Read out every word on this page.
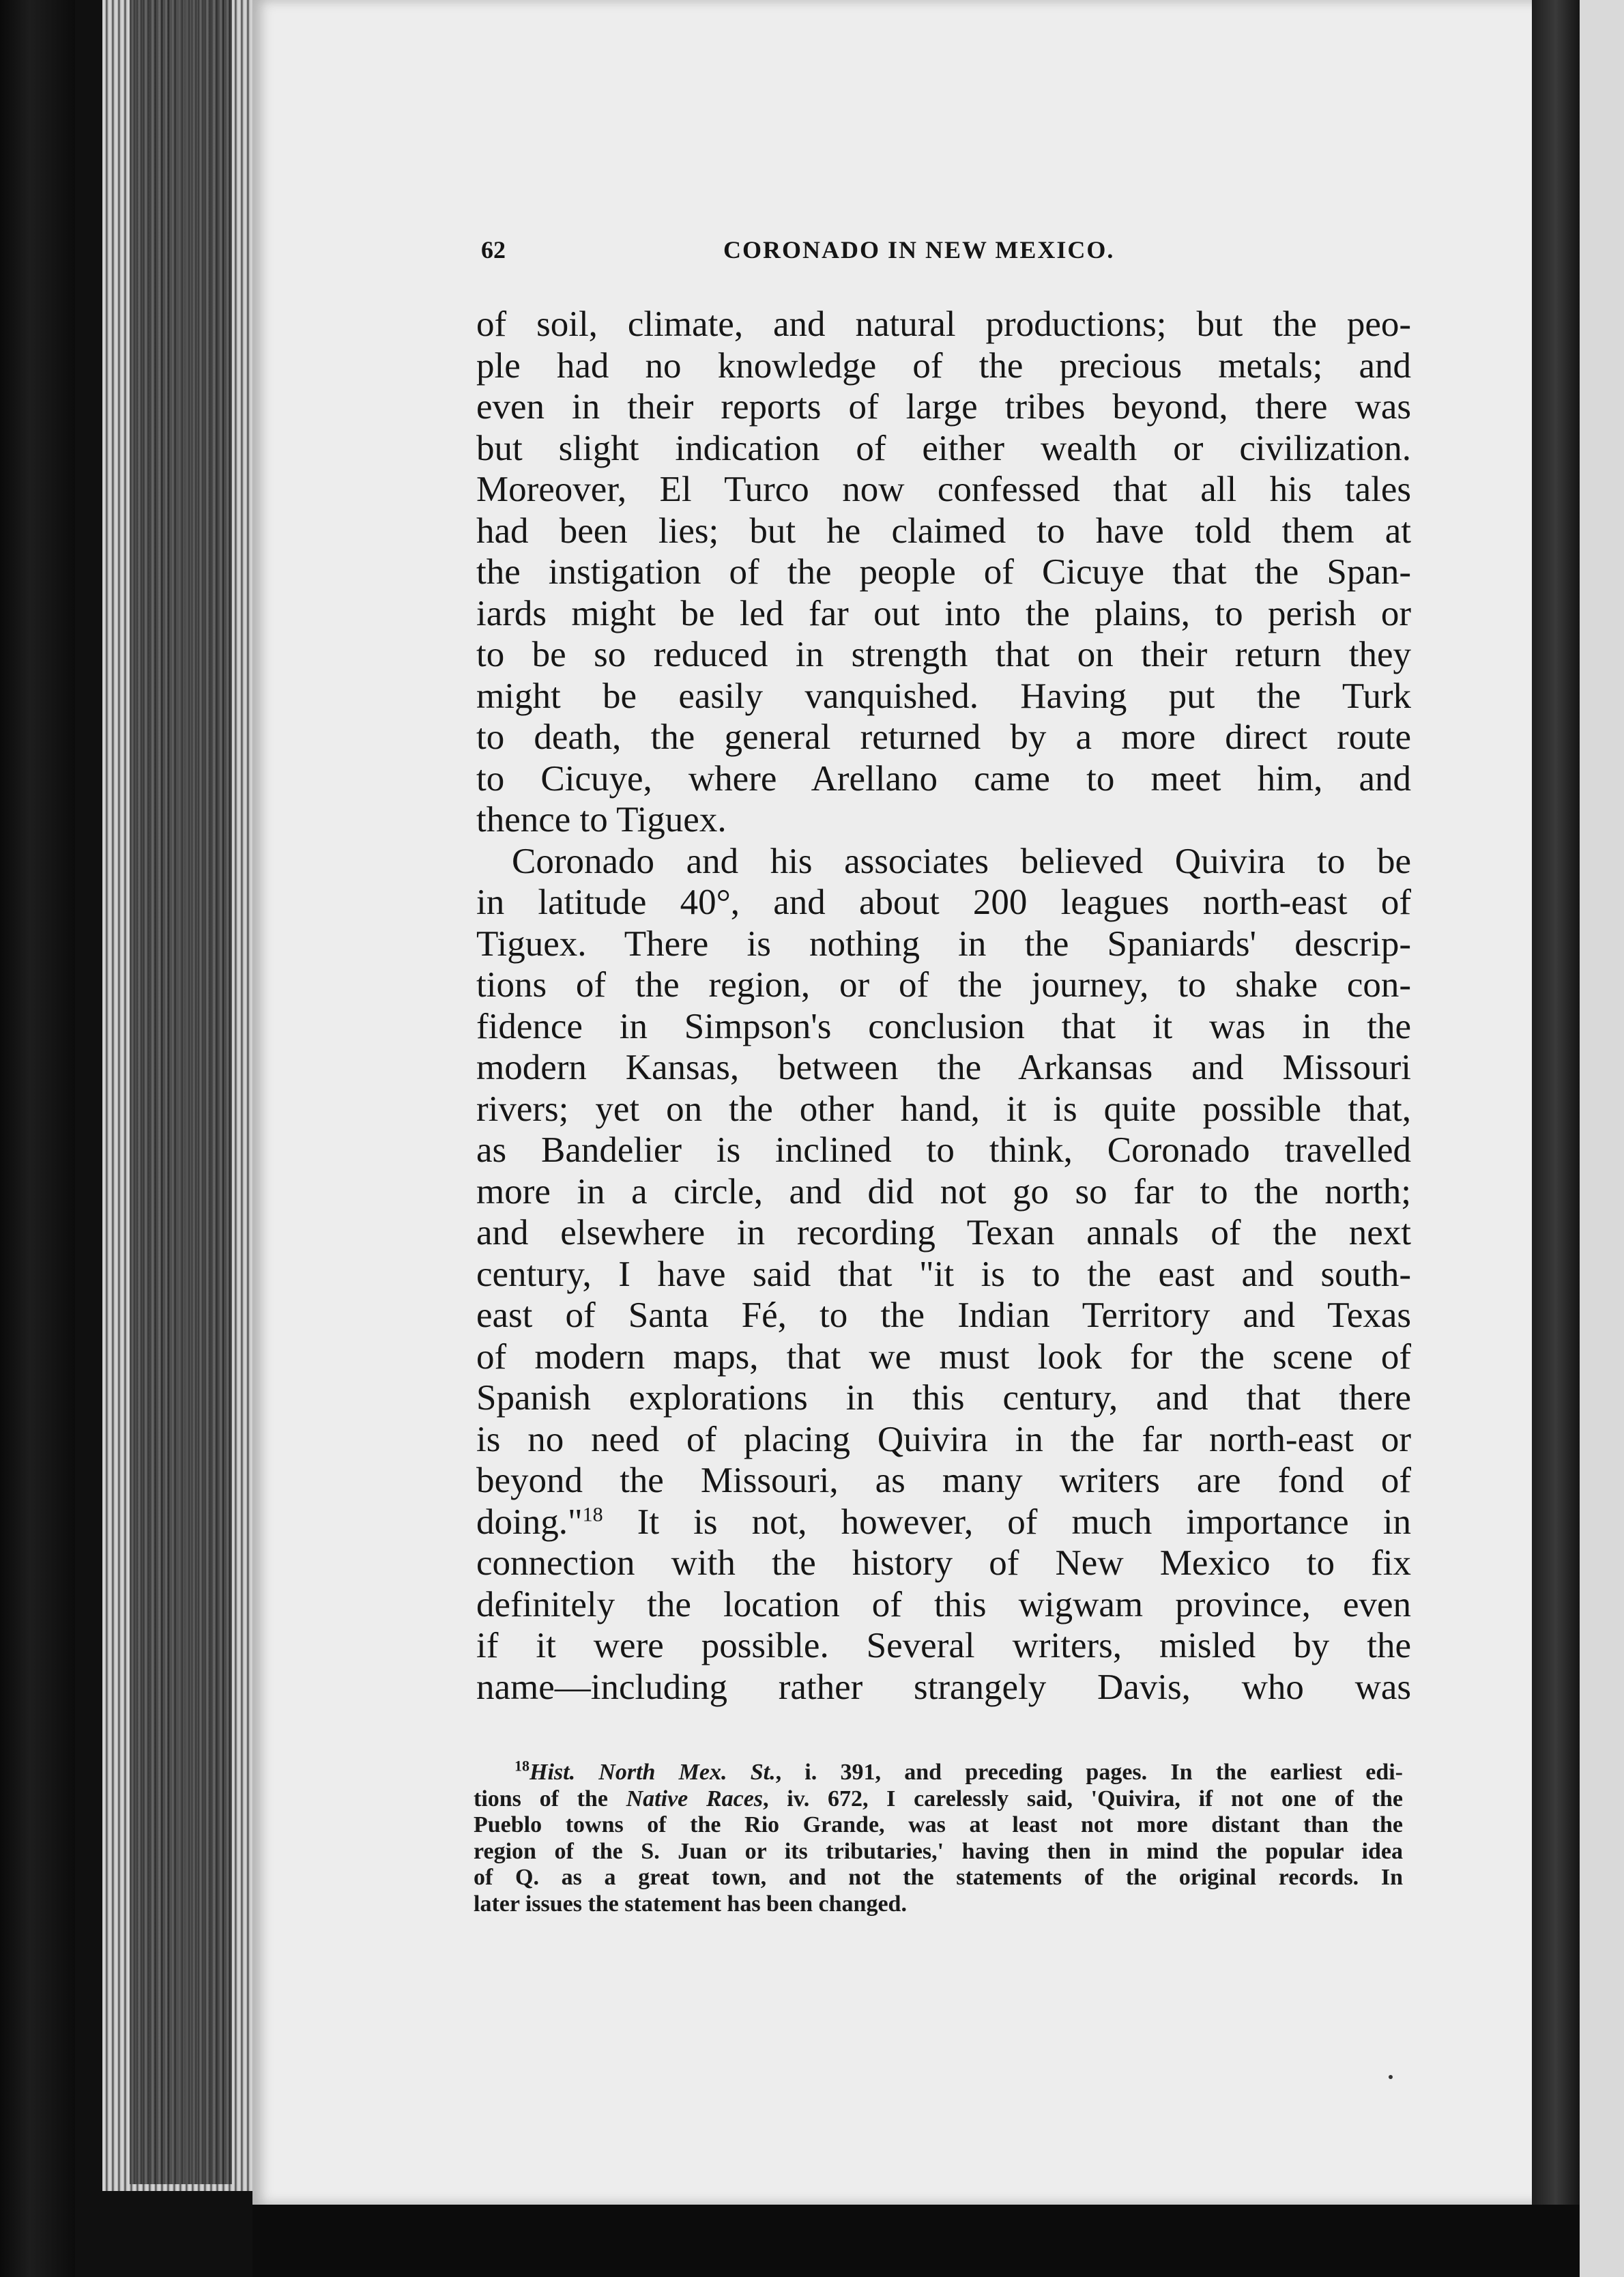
62	CORONADO IN NEW MEXICO.
of soil, climate, and natural productions; but the peo-
ple had no knowledge of the precious metals; and
even in their reports of large tribes beyond, there was
but slight indication of either wealth or civilization.
Moreover, El Turco now confessed that all his tales
had been lies; but he claimed to have told them at
the instigation of the people of Cicuye that the Span-
iards might be led far out into the plains, to perish or
to be so reduced in strength that on their return they
might be easily vanquished. Having put the Turk
to death, the general returned by a more direct route
to Cicuye, where Arellano came to meet him, and
thence to Tiguex.
Coronado and his associates believed Quivira to be
in latitude 40°, and about 200 leagues north-east of
Tiguex. There is nothing in the Spaniards' descrip-
tions of the region, or of the journey, to shake con-
fidence in Simpson's conclusion that it was in the
modern Kansas, between the Arkansas and Missouri
rivers; yet on the other hand, it is quite possible that,
as Bandelier is inclined to think, Coronado travelled
more in a circle, and did not go so far to the north;
and elsewhere in recording Texan annals of the next
century, I have said that "it is to the east and south-
east of Santa Fé, to the Indian Territory and Texas
of modern maps, that we must look for the scene of
Spanish explorations in this century, and that there
is no need of placing Quivira in the far north-east or
beyond the Missouri, as many writers are fond of
doing."$^{18}$ It is not, however, of much importance in
connection with the history of New Mexico to fix
definitely the location of this wigwam province, even
if it were possible. Several writers, misled by the
name—including rather strangely Davis, who was
$^{18}$Hist. North Mex. St., i. 391, and preceding pages. In the earliest edi-
tions of the Native Races, iv. 672, I carelessly said, 'Quivira, if not one of the
Pueblo towns of the Rio Grande, was at least not more distant than the
region of the S. Juan or its tributaries,' having then in mind the popular idea
of Q. as a great town, and not the statements of the original records. In
later issues the statement has been changed.
